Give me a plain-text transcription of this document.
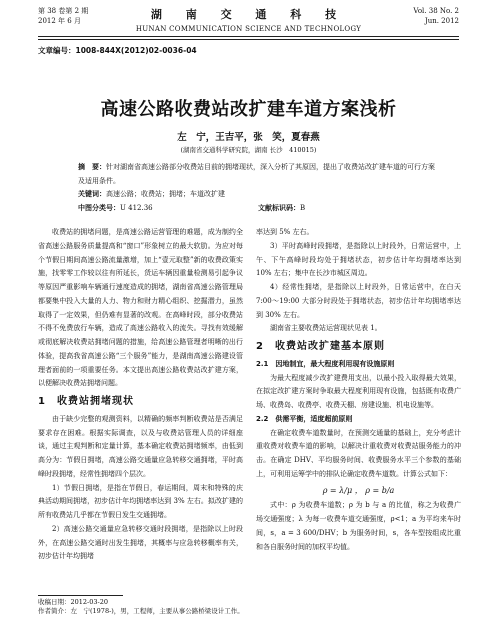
第 38 卷第 2 期
2012 年 6 月	湖 南 交 通 科 技
HUNAN COMMUNICATION SCIENCE AND TECHNOLOGY
Vol. 38 No. 2
Jun. 2012
文章编号：1008-844X(2012)02-0036-04
高速公路收费站改扩建车道方案浅析
左　宁，王吉平，张　笑，夏春燕
(湖南省交通科学研究院，湖南 长沙　410015)
摘　要：针对湖南省高速公路部分收费站目前的拥堵现状，深入分析了其原因，提出了收费站改扩建车道的可行方案及适用条件。
关键词：高速公路；收费站；拥堵；车道改扩建
中图分类号：U 412.36	文献标识码：B

收费站的拥堵问题，是高速公路运营管理的难题，成为制约全省高速公路服务质量提高和“窗口”形象树立的最大软肋。为应对每个节假日期间高速公路流量激增，加上“壹元取整”新的收费政策实施，找零零工作较以往有所延长，货运车辆因重量检测易引起争议等原因严重影响车辆通行速度造成的拥堵，湖南省高速公路管理局都要集中投入大量的人力、物力和财力精心组织、挖掘潜力，虽然取得了一定效果，但仍难有显著的改观。在高峰时段，部分收费站不得不免费放行车辆，造成了高速公路收入的流失。寻找有效缓解或彻底解决收费站拥堵问题的措施，给高速公路管理者明晰的出行体验，提高我省高速公路“三个服务”能力，是湖南高速公路建设管理者面前的一项重要任务。本文提出高速公路收费站改扩建方案，以便解决收费站拥堵问题。

1　收费站拥堵现状

由于缺少完整的观测资料，以精确的频率判断收费站是否满足要求存在困难。根据实际调查，以及与收费站管理人员的详细座谈，通过主观判断和定量计算，基本确定收费站拥堵频率，由低到高分为：节假日拥堵，高速公路交通量应急转移交通拥堵，平时高峰时段拥堵，经常性拥堵四个层次。

1）节假日拥堵，是指在节假日，春运期间，周末和特殊的庆典活动期间拥堵，初步估计年均拥堵率达到 3% 左右。拟改扩建的所有收费站几乎都在节假日发生交通拥堵。

2）高速公路交通量应急转移交通时段拥堵，是指除以上时段外，在高速公路交通时出发生拥堵，其概率与应急转移概率有关，初步估计年均拥堵

率达到 5% 左右。

3）平时高峰时段拥堵，是指除以上时段外，日常运营中，上午、下午高峰时段均处于拥堵状态，初步估计年均拥堵率达到 10% 左右；集中在长沙市城区周边。

4）经常性拥堵，是指除以上时段外，日常运营中，在白天 7:00～19:00 大部分时段处于拥堵状态，初步估计年均拥堵率达到 30% 左右。

湖南省主要收费站运营现状见表 1。

2　收费站改扩建基本原则
2.1　因地制宜，最大程度利用现有设施原则

为最大程度减少改扩建费用支出，以最小投入取得最大效果，在拟定改扩建方案时争取最大程度利用现有设施，包括既有收费广场、收费岛、收费亭、收费天棚、房建设施、机电设施等。

2.2　供需平衡，适度超前原则

在确定收费车道数量时，在预测交通量的基础上，充分考虑计重收费对收费车道的影响，以解决计重收费对收费站服务能力的冲击。在确定 DHV、平均服务时间、收费服务水平三个参数的基础上，可利用运筹学中的排队论确定收费车道数。计算公式如下：

ρ = λ/μ ， ρ = b/a

式中：ρ 为收费车道数；ρ 为 b 与 a 的比值，称之为收费广场交通强度；λ 为每一收费车道交通强度，ρ<1；a 为平均来车时间，s，a = 3 600/DHV；b 为服务时间，s，各车型按组成比重和各自服务时间的加权平均值。

收稿日期：2012-03-20
作者简介：左　宁(1978-)，男，工程师，主要从事公路桥梁设计工作。
